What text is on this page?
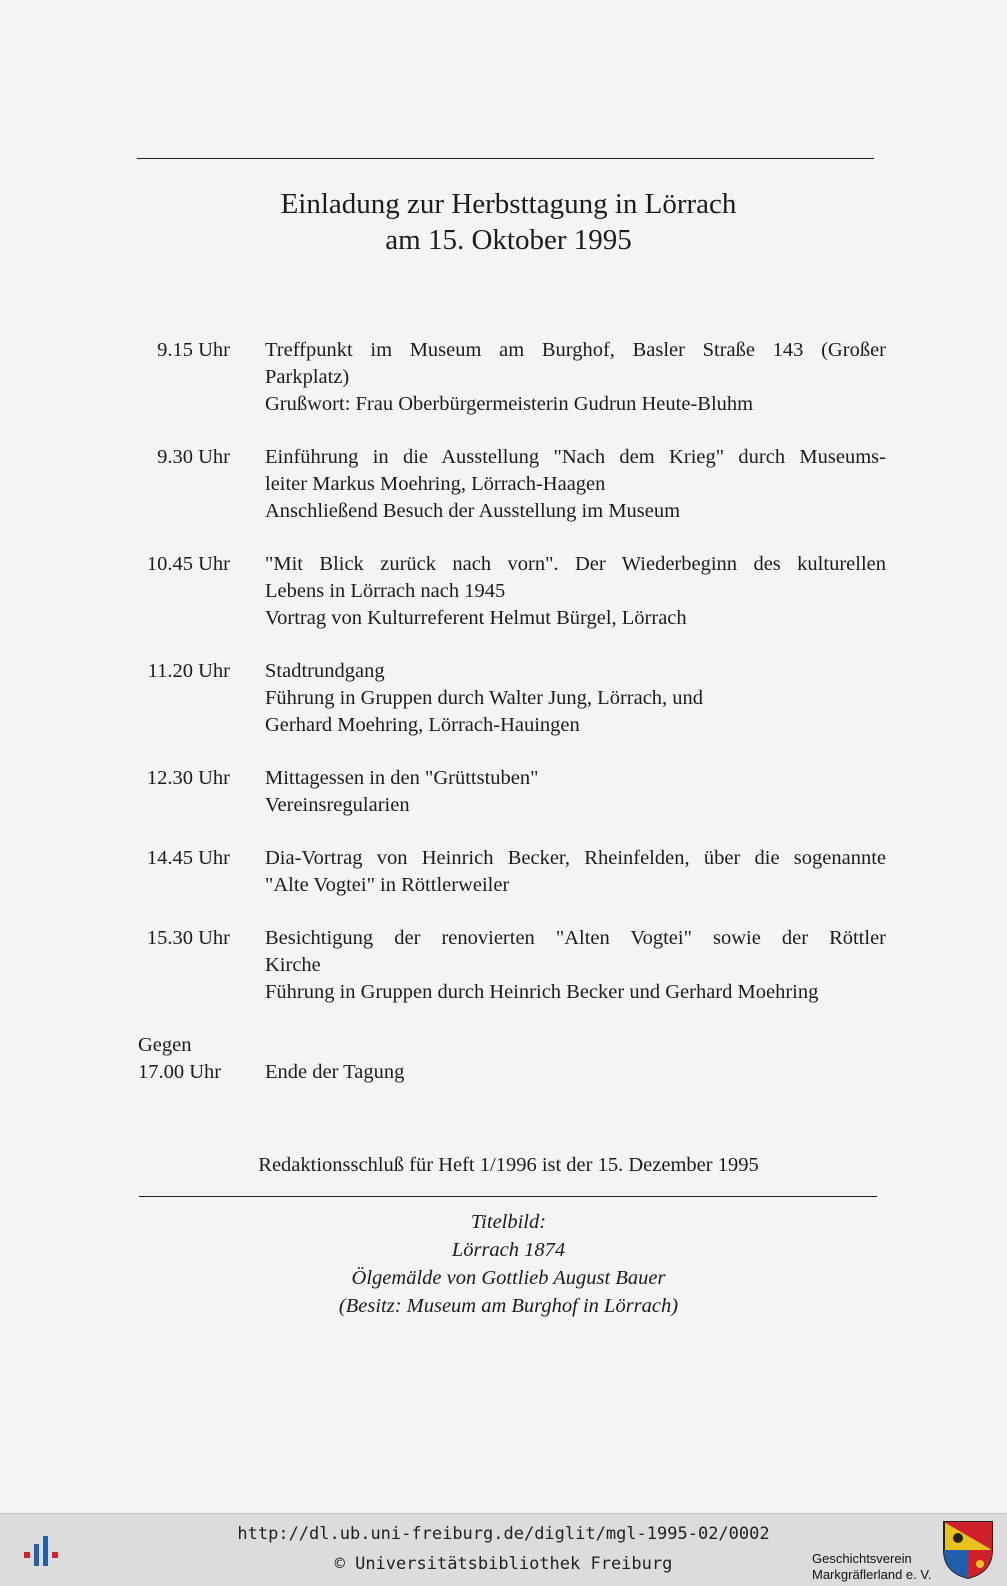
Einladung zur Herbsttagung in Lörrach
am 15. Oktober 1995
9.15 Uhr Treffpunkt im Museum am Burghof, Basler Straße 143 (Großer
Parkplatz)
Grußwort: Frau Oberbürgermeisterin Gudrun Heute-Bluhm
9.30 Uhr Einführung in die Ausstellung "Nach dem Krieg" durch Museums-
leiter Markus Moehring, Lörrach-Haagen
Anschließend Besuch der Ausstellung im Museum
10.45 Uhr "Mit Blick zurück nach vorn". Der Wiederbeginn des kulturellen
Lebens in Lörrach nach 1945
Vortrag von Kulturreferent Helmut Bürgel, Lörrach
11.20 Uhr Stadtrundgang
Führung in Gruppen durch Walter Jung, Lörrach, und
Gerhard Moehring, Lörrach-Hauingen
12.30 Uhr Mittagessen in den "Grüttstuben"
Vereinsregularien
14.45 Uhr Dia-Vortrag von Heinrich Becker, Rheinfelden, über die sogenannte
"Alte Vogtei" in Röttlerweiler
15.30 Uhr Besichtigung der renovierten "Alten Vogtei" sowie der Röttler
Kirche
Führung in Gruppen durch Heinrich Becker und Gerhard Moehring
Gegen
17.00 Uhr
	Ende der Tagung
Redaktionsschluß für Heft 1/1996 ist der 15. Dezember 1995
Titelbild:
Lörrach 1874
Ölgemälde von Gottlieb August Bauer
(Besitz: Museum am Burghof in Lörrach)
http://dl.ub.uni-freiburg.de/diglit/mgl-1995-02/0002
© Universitätsbibliothek Freiburg	Geschichtsverein
Markgräflerland e. V.
